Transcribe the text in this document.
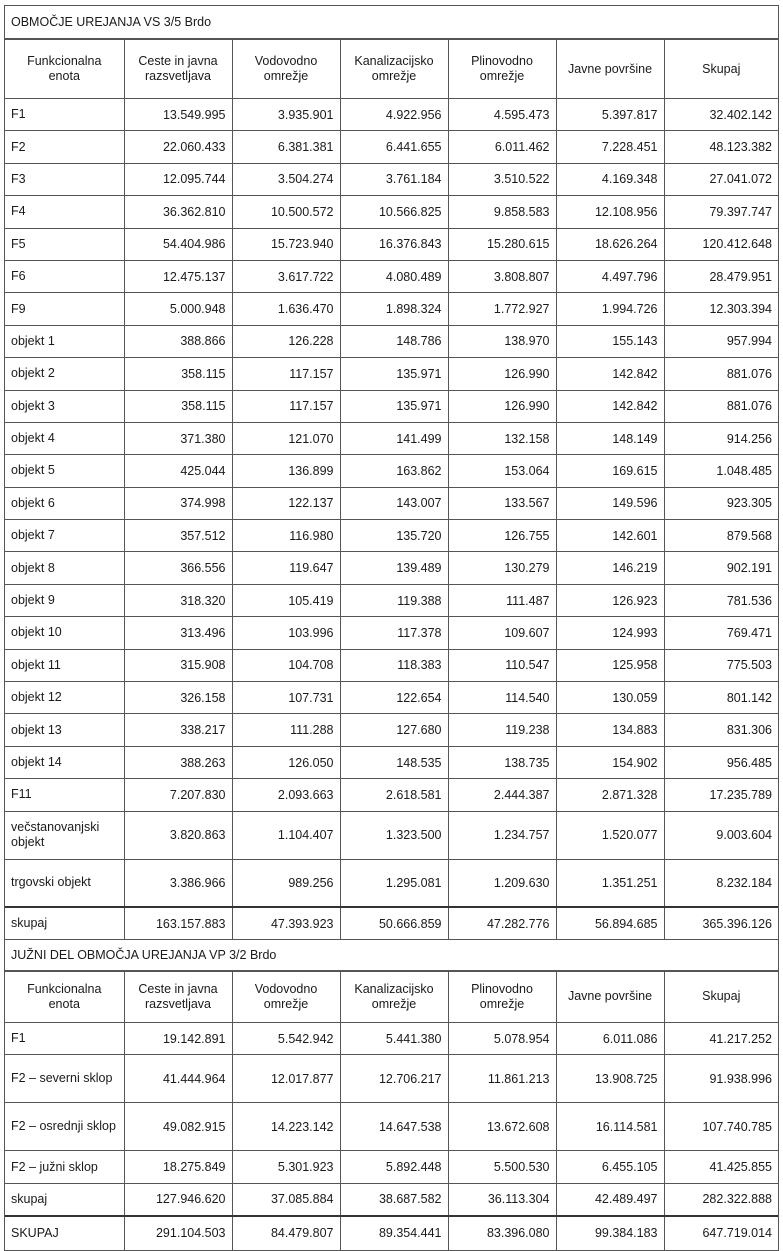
OBMOČJE UREJANJA VS 3/5 Brdo
Funkcionalna enota	Ceste in javna razsvetljava	Vodovodno omrežje	Kanalizacijsko omrežje	Plinovodno omrežje	Javne površine	Skupaj
F1	13.549.995	3.935.901	4.922.956	4.595.473	5.397.817	32.402.142
F2	22.060.433	6.381.381	6.441.655	6.011.462	7.228.451	48.123.382
F3	12.095.744	3.504.274	3.761.184	3.510.522	4.169.348	27.041.072
F4	36.362.810	10.500.572	10.566.825	9.858.583	12.108.956	79.397.747
F5	54.404.986	15.723.940	16.376.843	15.280.615	18.626.264	120.412.648
F6	12.475.137	3.617.722	4.080.489	3.808.807	4.497.796	28.479.951
F9	5.000.948	1.636.470	1.898.324	1.772.927	1.994.726	12.303.394
objekt 1	388.866	126.228	148.786	138.970	155.143	957.994
objekt 2	358.115	117.157	135.971	126.990	142.842	881.076
objekt 3	358.115	117.157	135.971	126.990	142.842	881.076
objekt 4	371.380	121.070	141.499	132.158	148.149	914.256
objekt 5	425.044	136.899	163.862	153.064	169.615	1.048.485
objekt 6	374.998	122.137	143.007	133.567	149.596	923.305
objekt 7	357.512	116.980	135.720	126.755	142.601	879.568
objekt 8	366.556	119.647	139.489	130.279	146.219	902.191
objekt 9	318.320	105.419	119.388	111.487	126.923	781.536
objekt 10	313.496	103.996	117.378	109.607	124.993	769.471
objekt 11	315.908	104.708	118.383	110.547	125.958	775.503
objekt 12	326.158	107.731	122.654	114.540	130.059	801.142
objekt 13	338.217	111.288	127.680	119.238	134.883	831.306
objekt 14	388.263	126.050	148.535	138.735	154.902	956.485
F11	7.207.830	2.093.663	2.618.581	2.444.387	2.871.328	17.235.789
večstanovanjski objekt	3.820.863	1.104.407	1.323.500	1.234.757	1.520.077	9.003.604
trgovski objekt	3.386.966	989.256	1.295.081	1.209.630	1.351.251	8.232.184
skupaj	163.157.883	47.393.923	50.666.859	47.282.776	56.894.685	365.396.126
JUŽNI DEL OBMOČJA UREJANJA VP 3/2 Brdo
Funkcionalna enota	Ceste in javna razsvetljava	Vodovodno omrežje	Kanalizacijsko omrežje	Plinovodno omrežje	Javne površine	Skupaj
F1	19.142.891	5.542.942	5.441.380	5.078.954	6.011.086	41.217.252
F2 – severni sklop	41.444.964	12.017.877	12.706.217	11.861.213	13.908.725	91.938.996
F2 – osrednji sklop	49.082.915	14.223.142	14.647.538	13.672.608	16.114.581	107.740.785
F2 – južni sklop	18.275.849	5.301.923	5.892.448	5.500.530	6.455.105	41.425.855
skupaj	127.946.620	37.085.884	38.687.582	36.113.304	42.489.497	282.322.888
SKUPAJ	291.104.503	84.479.807	89.354.441	83.396.080	99.384.183	647.719.014
